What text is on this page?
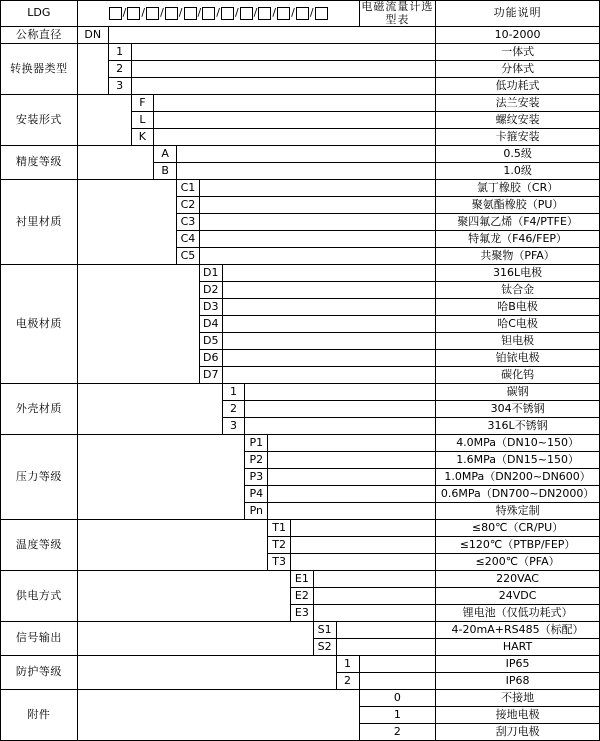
LDG	/ / / / / / / / / / /												电磁流量计选型表	功能说明
公称直径	DN													10-2000
转换器类型		1												一体式
		2												分体式
		3												低功耗式
安装形式			F											法兰安装
			L											螺纹安装
			K											卡箍安装
精度等级				A										0.5级
				B										1.0级
衬里材质					C1									氯丁橡胶（CR）
					C2									聚氨酯橡胶（PU）
					C3									聚四氟乙烯（F4/PTFE）
					C4									特氟龙（F46/FEP）
					C5									共聚物（PFA）
电极材质						D1								316L电极
						D2								钛合金
						D3								哈B电极
						D4								哈C电极
						D5								钽电极
						D6								铂铱电极
						D7								碳化钨
外壳材质							1							碳钢
							2							304不锈钢
							3							316L不锈钢
压力等级								P1						4.0MPa（DN10~150）
								P2						1.6MPa（DN15~150）
								P3						1.0MPa（DN200~DN600）
								P4						0.6MPa（DN700~DN2000）
								Pn						特殊定制
温度等级									T1					≤80℃（CR/PU）
									T2					≤120℃（PTBP/FEP）
									T3					≤200℃（PFA）
供电方式										E1				220VAC
										E2				24VDC
										E3				锂电池（仅低功耗式）
信号输出											S1			4-20mA+RS485（标配）
											S2			HART
防护等级												1		IP65
												2		IP68
附件													0	不接地
													1	接地电极
													2	刮刀电极
